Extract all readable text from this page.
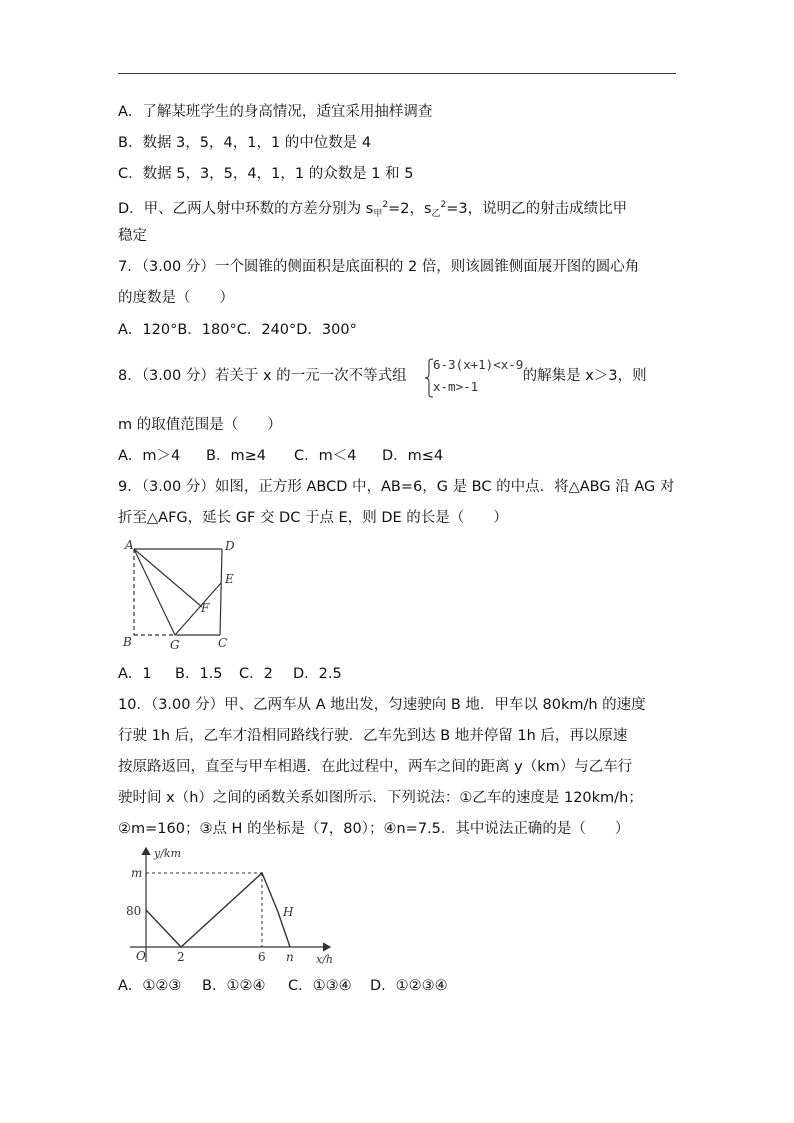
A．了解某班学生的身高情况，适宜采用抽样调查
B．数据 3，5，4，1，1 的中位数是 4
C．数据 5，3，5，4，1，1 的众数是 1 和 5
D．甲、乙两人射中环数的方差分别为 $s_甲^2=2$，$s_乙^2=3$，说明乙的射击成绩比甲
稳定
7．（3.00 分）一个圆锥的侧面积是底面积的 2 倍，则该圆锥侧面展开图的圆心角
的度数是（　　）
A．120°B．180°C．240°D．300°
8．（3.00 分）若关于 x 的一元一次不等式组	的解集是 x＞3，则
6-3(x+1)<x-9
x-m>-1
m 的取值范围是（　　）
A．m＞4 B．m≥4 C．m＜4 D．m≤4
9．（3.00 分）如图，正方形 ABCD 中，AB=6，G 是 BC 的中点．将△ABG 沿 AG 对
折至△AFG，延长 GF 交 DC 于点 E，则 DE 的长是（　　）
A	D
E
F
B	G	C
A．1 B．1.5 C．2 D．2.5
10．（3.00 分）甲、乙两车从 A 地出发，匀速驶向 B 地．甲车以 80km/h 的速度
行驶 1h 后，乙车才沿相同路线行驶．乙车先到达 B 地并停留 1h 后，再以原速
按原路返回，直至与甲车相遇．在此过程中，两车之间的距离 y（km）与乙车行
驶时间 x（h）之间的函数关系如图所示．下列说法：①乙车的速度是 120km/h；
②m=160；③点 H 的坐标是（7，80）；④n=7.5．其中说法正确的是（　　）
y/km
x/h
O
80
m
2	6 n
H
A．①②③ B．①②④ C．①③④ D．①②③④
